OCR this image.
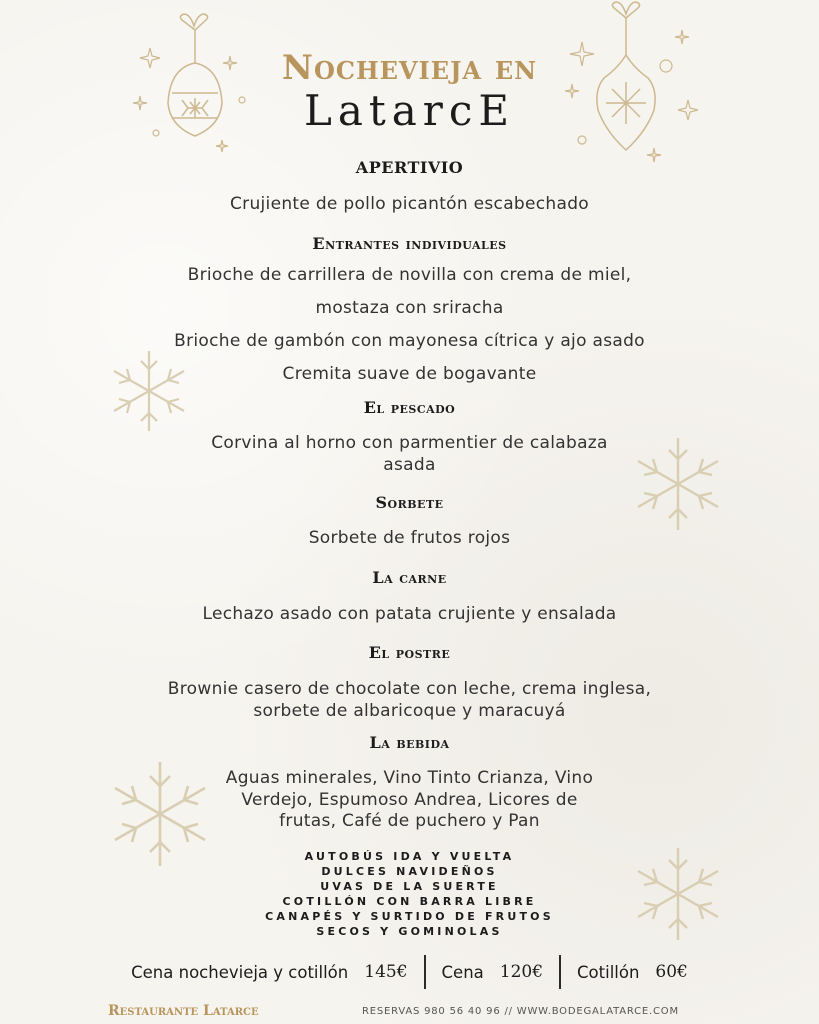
Nochevieja en
LatarcE
APERTIVIO
Crujiente de pollo picantón escabechado
Entrantes individuales
Brioche de carrillera de novilla con crema de miel,
mostaza con sriracha
Brioche de gambón con mayonesa cítrica y ajo asado
Cremita suave de bogavante
El pescado
Corvina al horno con parmentier de calabaza
asada
Sorbete
Sorbete de frutos rojos
La carne
Lechazo asado con patata crujiente y ensalada
El postre
Brownie casero de chocolate con leche, crema inglesa,
sorbete de albaricoque y maracuyá
La bebida
Aguas minerales, Vino Tinto Crianza, Vino
Verdejo, Espumoso Andrea, Licores de
frutas, Café de puchero y Pan
AUTOBÚS IDA Y VUELTA
DULCES NAVIDEÑOS
UVAS DE LA SUERTE
COTILLÓN CON BARRA LIBRE
CANAPÉS Y SURTIDO DE FRUTOS
SECOS Y GOMINOLAS
Cena nochevieja y cotillón 145€ Cena 120€ Cotillón 60€
Restaurante Latarce	RESERVAS 980 56 40 96 // WWW.BODEGALATARCE.COM
